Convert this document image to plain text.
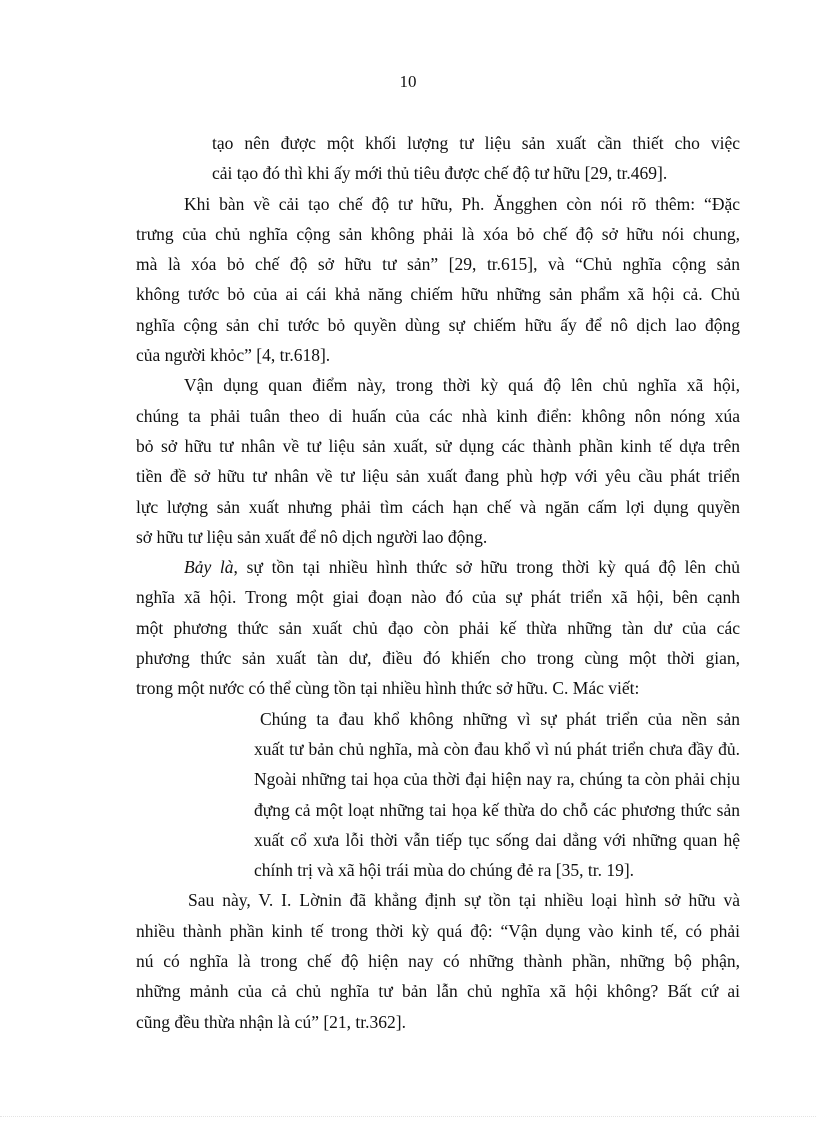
10
tạo nên được một khối lượng tư liệu sản xuất cần thiết cho việc
cải tạo đó thì khi ấy mới thủ tiêu được chế độ tư hữu [29, tr.469].
Khi bàn về cải tạo chế độ tư hữu, Ph. Ăngghen còn nói rõ thêm: “Đặc
trưng của chủ nghĩa cộng sản không phải là xóa bỏ chế độ sở hữu nói chung,
mà là xóa bỏ chế độ sở hữu tư sản” [29, tr.615], và “Chủ nghĩa cộng sản
không tước bỏ của ai cái khả năng chiếm hữu những sản phẩm xã hội cả. Chủ
nghĩa cộng sản chỉ tước bỏ quyền dùng sự chiếm hữu ấy để nô dịch lao động
của người khỏc” [4, tr.618].
Vận dụng quan điểm này, trong thời kỳ quá độ lên chủ nghĩa xã hội,
chúng ta phải tuân theo di huấn của các nhà kinh điển: không nôn nóng xúa
bỏ sở hữu tư nhân về tư liệu sản xuất, sử dụng các thành phần kinh tế dựa trên
tiền đề sở hữu tư nhân về tư liệu sản xuất đang phù hợp với yêu cầu phát triển
lực lượng sản xuất nhưng phải tìm cách hạn chế và ngăn cấm lợi dụng quyền
sở hữu tư liệu sản xuất để nô dịch người lao động.
Bảy là, sự tồn tại nhiều hình thức sở hữu trong thời kỳ quá độ lên chủ
nghĩa xã hội. Trong một giai đoạn nào đó của sự phát triển xã hội, bên cạnh
một phương thức sản xuất chủ đạo còn phải kế thừa những tàn dư của các
phương thức sản xuất tàn dư, điều đó khiến cho trong cùng một thời gian,
trong một nước có thể cùng tồn tại nhiều hình thức sở hữu. C. Mác viết:
Chúng ta đau khổ không những vì sự phát triển của nền sản
xuất tư bản chủ nghĩa, mà còn đau khổ vì nú phát triển chưa đầy đủ.
Ngoài những tai họa của thời đại hiện nay ra, chúng ta còn phải chịu
đựng cả một loạt những tai họa kế thừa do chỗ các phương thức sản
xuất cổ xưa lỗi thời vẫn tiếp tục sống dai dẳng với những quan hệ
chính trị và xã hội trái mùa do chúng đẻ ra [35, tr. 19].
Sau này, V. I. Lờnin đã khẳng định sự tồn tại nhiều loại hình sở hữu và
nhiều thành phần kinh tế trong thời kỳ quá độ: “Vận dụng vào kinh tế, có phải
nú có nghĩa là trong chế độ hiện nay có những thành phần, những bộ phận,
những mảnh của cả chủ nghĩa tư bản lẫn chủ nghĩa xã hội không? Bất cứ ai
cũng đều thừa nhận là cú” [21, tr.362].
